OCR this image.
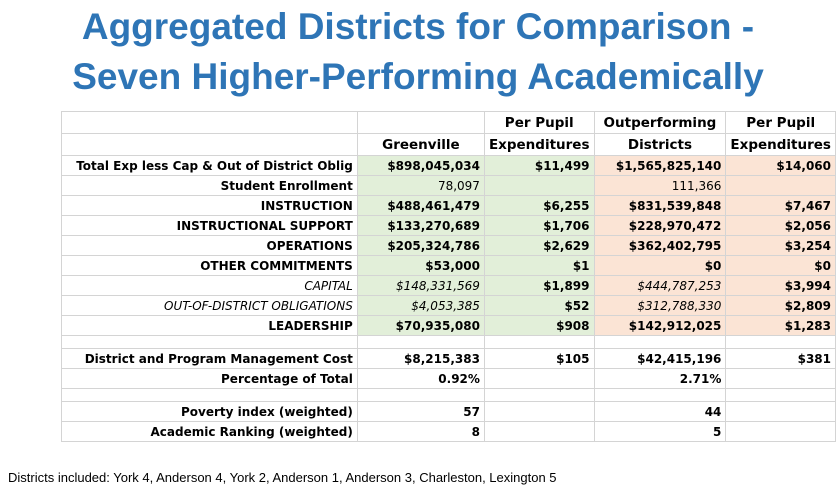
Aggregated Districts for Comparison -
Seven Higher-Performing Academically
		Per Pupil	Outperforming	Per Pupil
	Greenville	Expenditures	Districts	Expenditures
Total Exp less Cap & Out of District Oblig	$898,045,034	$11,499	$1,565,825,140	$14,060
Student Enrollment	78,097		111,366	
INSTRUCTION	$488,461,479	$6,255	$831,539,848	$7,467
INSTRUCTIONAL SUPPORT	$133,270,689	$1,706	$228,970,472	$2,056
OPERATIONS	$205,324,786	$2,629	$362,402,795	$3,254
OTHER COMMITMENTS	$53,000	$1	$0	$0
CAPITAL	$148,331,569	$1,899	$444,787,253	$3,994
OUT-OF-DISTRICT OBLIGATIONS	$4,053,385	$52	$312,788,330	$2,809
LEADERSHIP	$70,935,080	$908	$142,912,025	$1,283

District and Program Management Cost	$8,215,383	$105	$42,415,196	$381
Percentage of Total	0.92%		2.71%	

Poverty index (weighted)	57		44	
Academic Ranking (weighted)	8		5	
Districts included: York 4, Anderson 4, York 2, Anderson 1, Anderson 3, Charleston, Lexington 5
